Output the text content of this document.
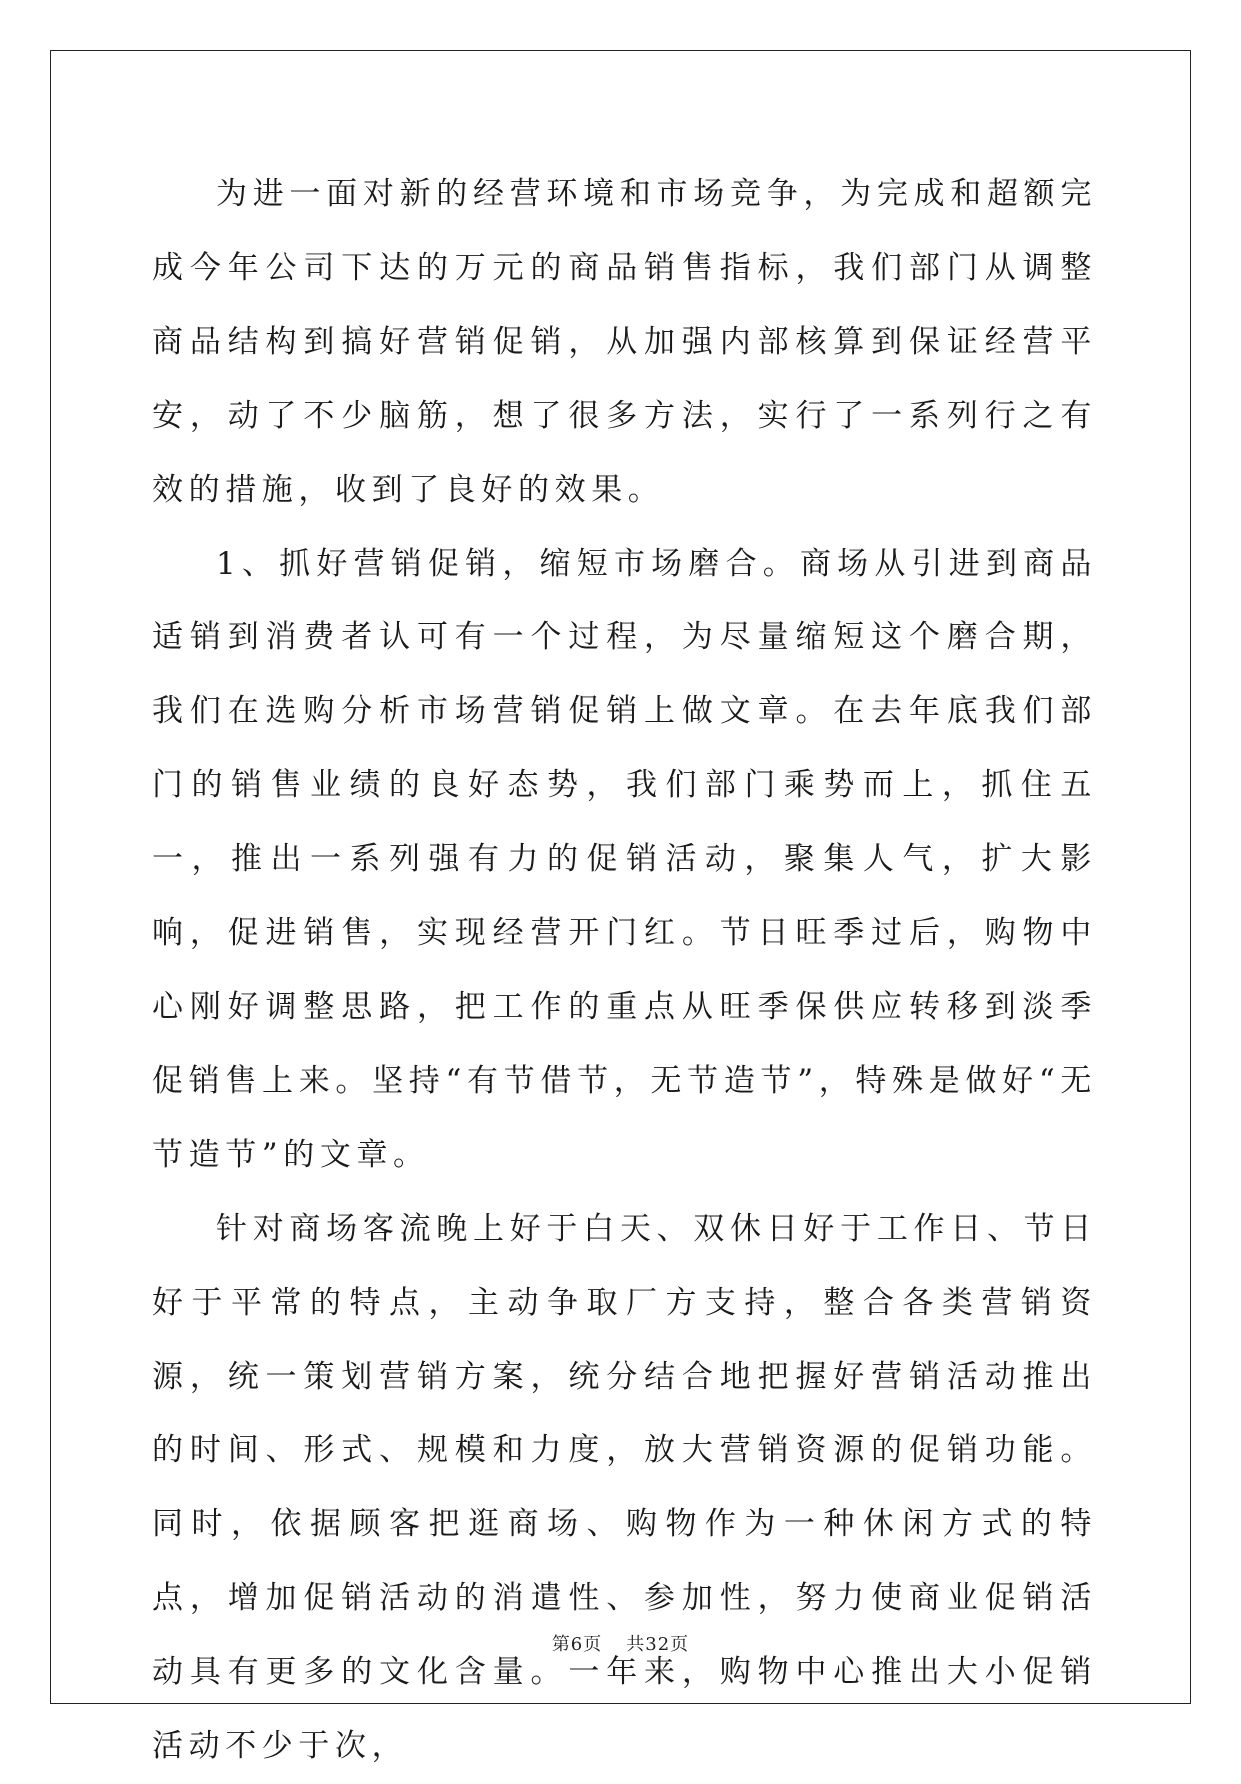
为进一面对新的经营环境和市场竞争，为完成和超额完成今年公司下达的万元的商品销售指标，我们部门从调整商品结构到搞好营销促销，从加强内部核算到保证经营平安，动了不少脑筋，想了很多方法，实行了一系列行之有效的措施，收到了良好的效果。

1、抓好营销促销，缩短市场磨合。商场从引进到商品适销到消费者认可有一个过程，为尽量缩短这个磨合期，我们在选购分析市场营销促销上做文章。在去年底我们部门的销售业绩的良好态势，我们部门乘势而上，抓住五一，推出一系列强有力的促销活动，聚集人气，扩大影响，促进销售，实现经营开门红。节日旺季过后，购物中心刚好调整思路，把工作的重点从旺季保供应转移到淡季促销售上来。坚持“有节借节，无节造节”，特殊是做好“无节造节”的文章。

针对商场客流晚上好于白天、双休日好于工作日、节日好于平常的特点，主动争取厂方支持，整合各类营销资源，统一策划营销方案，统分结合地把握好营销活动推出的时间、形式、规模和力度，放大营销资源的促销功能。同时，依据顾客把逛商场、购物作为一种休闲方式的特点，增加促销活动的消遣性、参加性，努力使商业促销活动具有更多的文化含量。一年来，购物中心推出大小促销活动不少于次，

第6页 共32页
